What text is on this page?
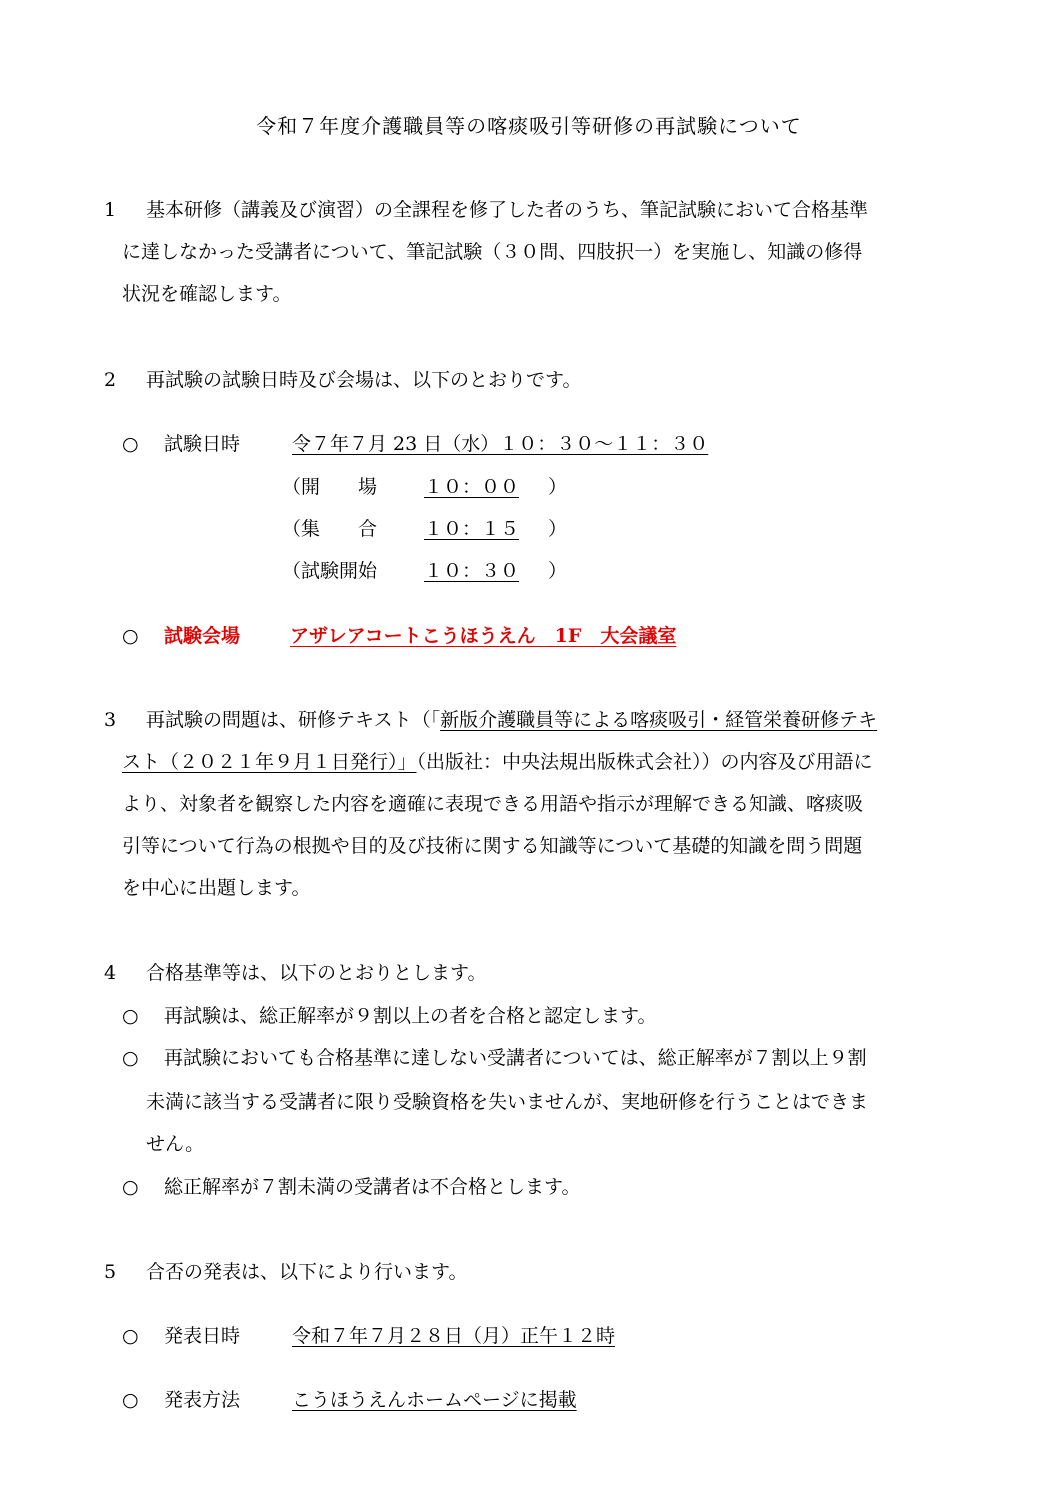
令和７年度介護職員等の喀痰吸引等研修の再試験について
1 基本研修（講義及び演習）の全課程を修了した者のうち、筆記試験において合格基準
に達しなかった受講者について、筆記試験（３０問、四肢択一）を実施し、知識の修得
状況を確認します。
2 再試験の試験日時及び会場は、以下のとおりです。
○ 試験日時	令７年７月 23 日（水）１０：３０～１１：３０
（開　　場	１０：００	）
（集　　合	１０：１５	）
（試験開始	１０：３０	）
○ 試験会場	アザレアコートこうほうえん　1F　大会議室
3 再試験の問題は、研修テキスト（「新版介護職員等による喀痰吸引・経管栄養研修テキ
スト（２０２１年９月１日発行）」（出版社：中央法規出版株式会社））の内容及び用語に
より、対象者を観察した内容を適確に表現できる用語や指示が理解できる知識、喀痰吸
引等について行為の根拠や目的及び技術に関する知識等について基礎的知識を問う問題
を中心に出題します。
4 合格基準等は、以下のとおりとします。
○ 再試験は、総正解率が９割以上の者を合格と認定します。
○ 再試験においても合格基準に達しない受講者については、総正解率が７割以上９割
未満に該当する受講者に限り受験資格を失いませんが、実地研修を行うことはできま
せん。
○ 総正解率が７割未満の受講者は不合格とします。
5 合否の発表は、以下により行います。
○ 発表日時	令和７年７月２８日（月）正午１２時
○ 発表方法	こうほうえんホームページに掲載
